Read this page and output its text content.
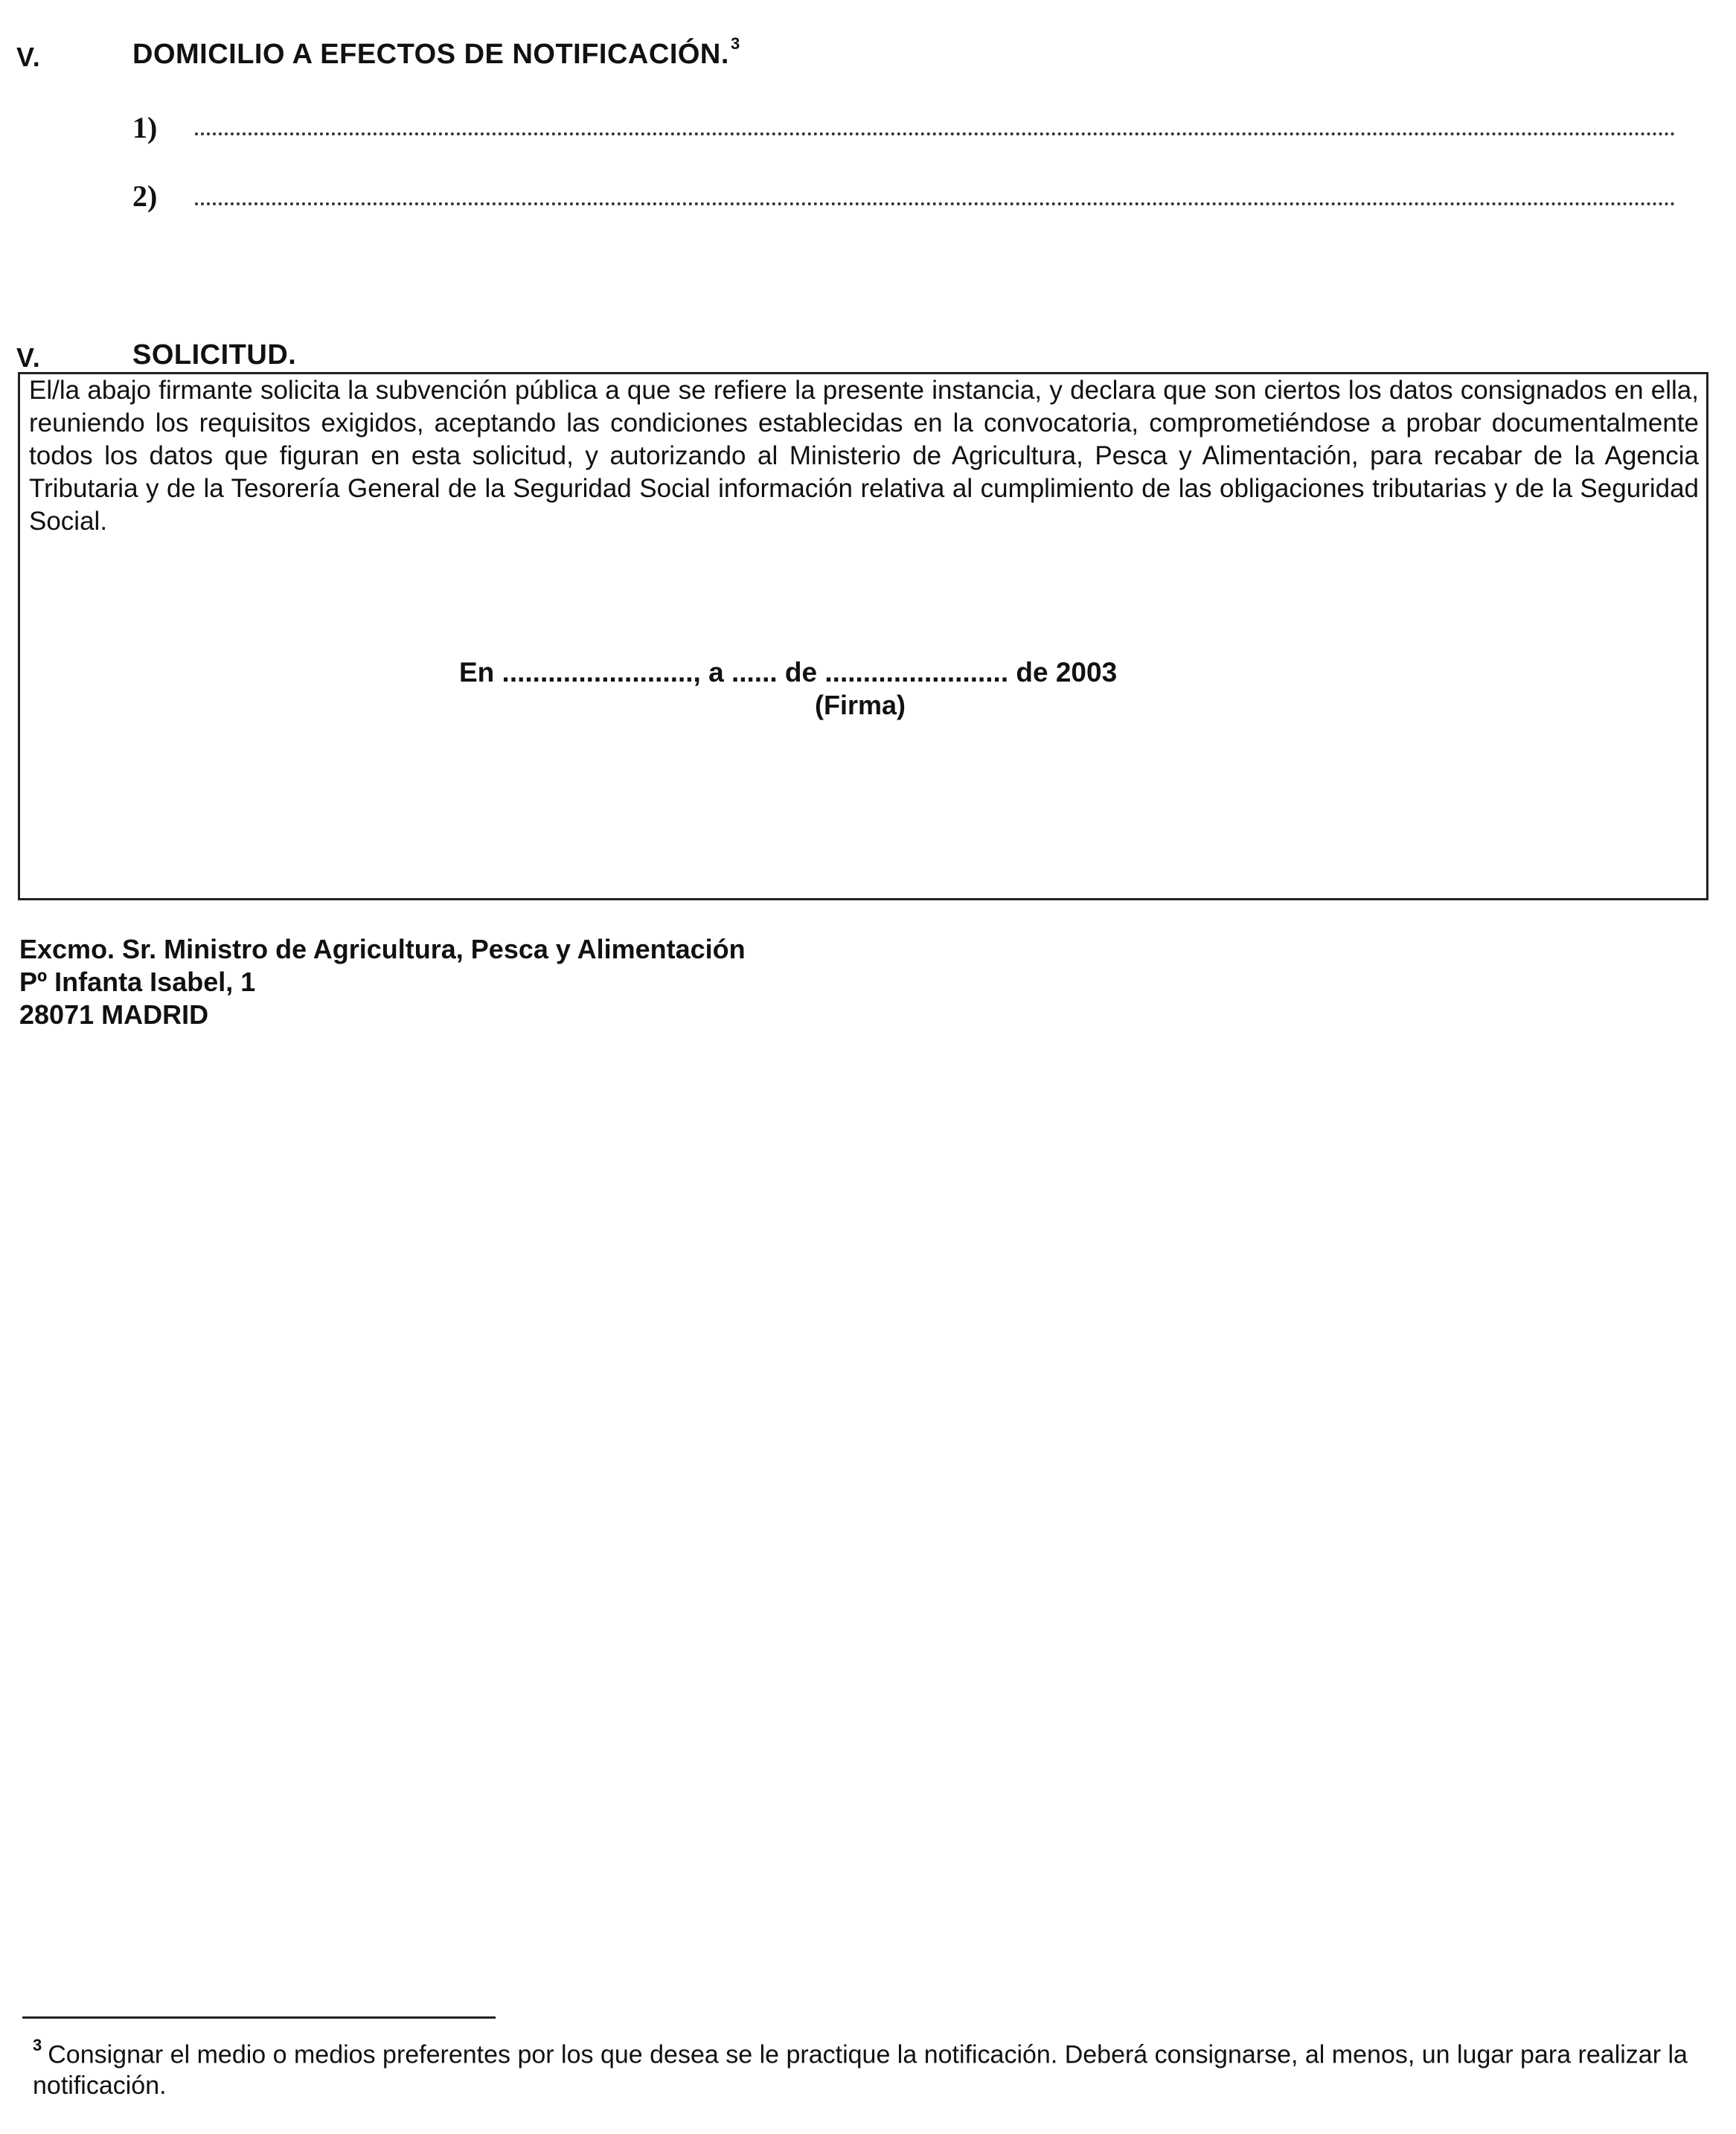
V.	DOMICILIO A EFECTOS DE NOTIFICACIÓN.$^3$
1)
2)
V.	SOLICITUD.
El/la abajo firmante solicita la subvención pública a que se refiere la presente instancia, y declara que son ciertos los datos consignados en ella, reuniendo los requisitos exigidos, aceptando las condiciones establecidas en la convocatoria, comprometiéndose a probar documentalmente todos los datos que figuran en esta solicitud, y autorizando al Ministerio de Agricultura, Pesca y Alimentación, para recabar de la Agencia Tributaria y de la Tesorería General de la Seguridad Social información relativa al cumplimiento de las obligaciones tributarias y de la Seguridad Social.
En ........................., a ...... de ........................ de 2003
(Firma)
Excmo. Sr. Ministro de Agricultura, Pesca y Alimentación
Pº Infanta Isabel, 1
28071 MADRID
$^3$ Consignar el medio o medios preferentes por los que desea se le practique la notificación. Deberá consignarse, al menos, un lugar para realizar la notificación.
